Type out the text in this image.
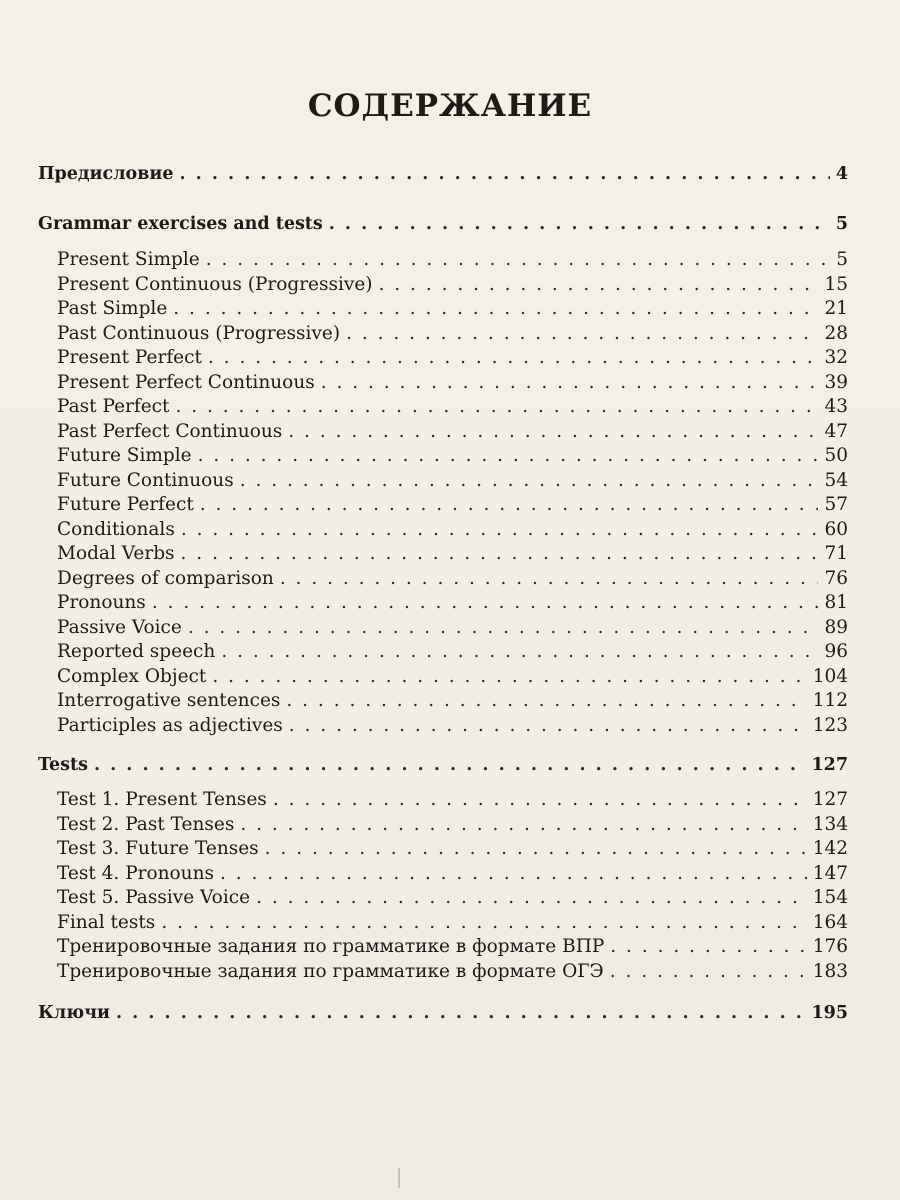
СОДЕРЖАНИЕ
Предисловие . . .	4
Grammar exercises and tests . . .	5
Present Simple . . .	5
Present Continuous (Progressive) . . .	15
Past Simple . . .	21
Past Continuous (Progressive) . . .	28
Present Perfect . . .	32
Present Perfect Continuous . . .	39
Past Perfect . . .	43
Past Perfect Continuous . . .	47
Future Simple . . .	50
Future Continuous . . .	54
Future Perfect . . .	57
Conditionals . . .	60
Modal Verbs . . .	71
Degrees of comparison . . .	76
Pronouns . . .	81
Passive Voice . . .	89
Reported speech . . .	96
Complex Object . . .	104
Interrogative sentences . . .	112
Participles as adjectives . . .	123
Tests . . .	127
Test 1. Present Tenses . . .	127
Test 2. Past Tenses . . .	134
Test 3. Future Tenses . . .	142
Test 4. Pronouns . . .	147
Test 5. Passive Voice . . .	154
Final tests . . .	164
Тренировочные задания по грамматике в формате ВПР . . .	176
Тренировочные задания по грамматике в формате ОГЭ . . .	183
Ключи . . .	195
